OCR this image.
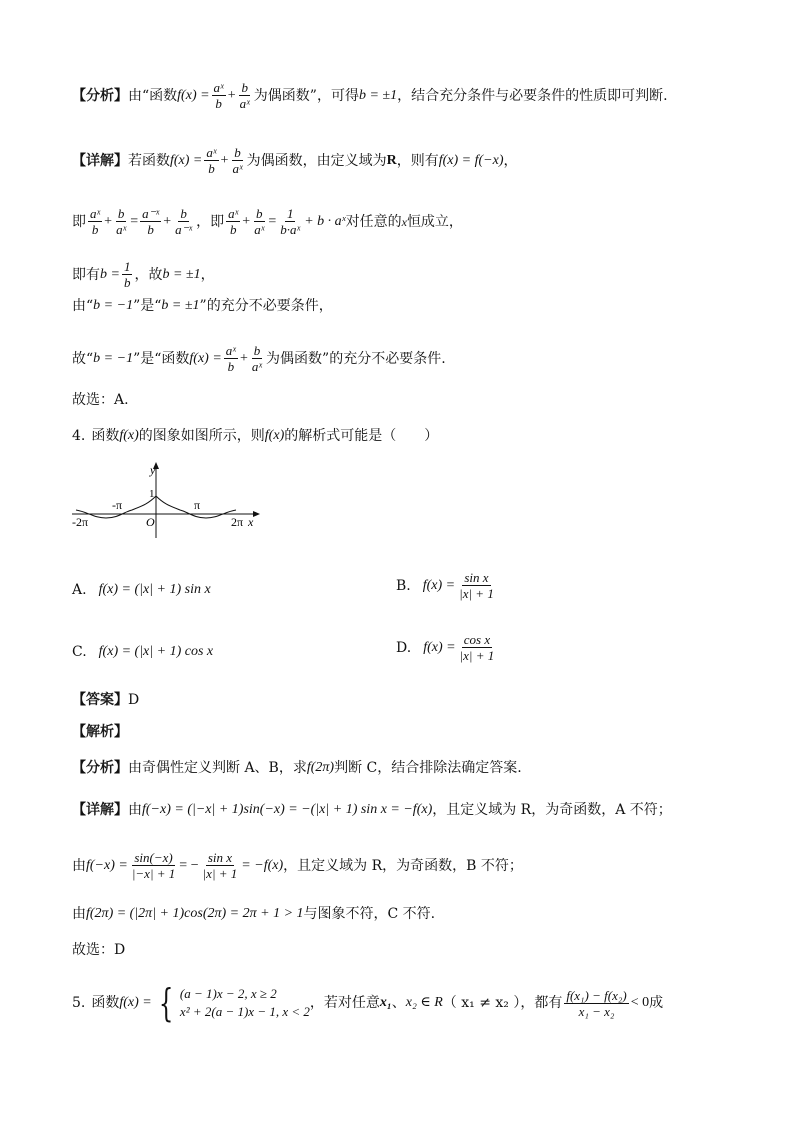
【分析】 由“函数 $f(x) = \frac{\text{aˣ}}{b} + \frac{b}{\text{aˣ}}$ 为偶函数”，可得 b = ±1 ，结合充分条件与必要条件的性质即可判断.
【详解】 若函数 $f(x) = \frac{\text{aˣ}}{b} + \frac{b}{\text{aˣ}}$ 为偶函数，由定义域为 R ，则有 f(x) = f(−x) ，
即 $\frac{\text{aˣ}}{b} + \frac{b}{\text{aˣ}} = \frac{\text{a⁻ˣ}}{b} + \frac{b}{\text{a⁻ˣ}}$ ，即 $\frac{\text{aˣ}}{b} + \frac{b}{\text{aˣ}} = \frac{1}{\text{b·aˣ}} + b$ · aˣ 对任意的 x 恒成立，
即有 $b = \frac{1}{b}$ ，故 b = ±1 ，
由“ b = −1 ”是“ b = ±1 ”的充分不必要条件，
故“ b = −1 ”是“函数 $f(x) = \frac{\text{aˣ}}{b} + \frac{b}{\text{aˣ}}$ 为偶函数”的充分不必要条件.
故选：A.
4. 函数 f(x) 的图象如图所示，则 f(x) 的解析式可能是（　　）
y
x
1
O
-π	π
-2π	2π
A. f(x) = (|x| + 1) sin x	B. $f(x) = \frac{\text{sin x}}{|x| + 1}$
C. f(x) = (|x| + 1) cos x	D. $f(x) = \frac{\text{cos x}}{|x| + 1}$
【答案】 D
【解析】
【分析】 由奇偶性定义判断 A、B，求 f(2π) 判断 C，结合排除法确定答案.
【详解】 由 f(−x) = (|−x| + 1)sin(−x) = −(|x| + 1) sin x = −f(x) ，且定义域为 R，为奇函数，A 不符；
由 $f(-x) = \frac{\sin(-x)}{|-x| + 1}$ = − $\frac{\text{sin x}}{|x| + 1} = -f(x)$ ，且定义域为 R，为奇函数，B 不符；
由 f(2π) = (|2π| + 1)cos(2π) = 2π + 1 > 1 与图象不符，C 不符.
故选：D
5. 函数 f(x) = { (a − 1)x − 2, x ≥ 2
x² + 2(a − 1)x − 1, x < 2
，若对任意 x₁ 、 x₂ ∈ R （ x₁ ≠ x₂ ），都有 $\frac{\text{f(x₁) − f(x₂)}}{\text{x₁ − x₂}} < 0$ 成
